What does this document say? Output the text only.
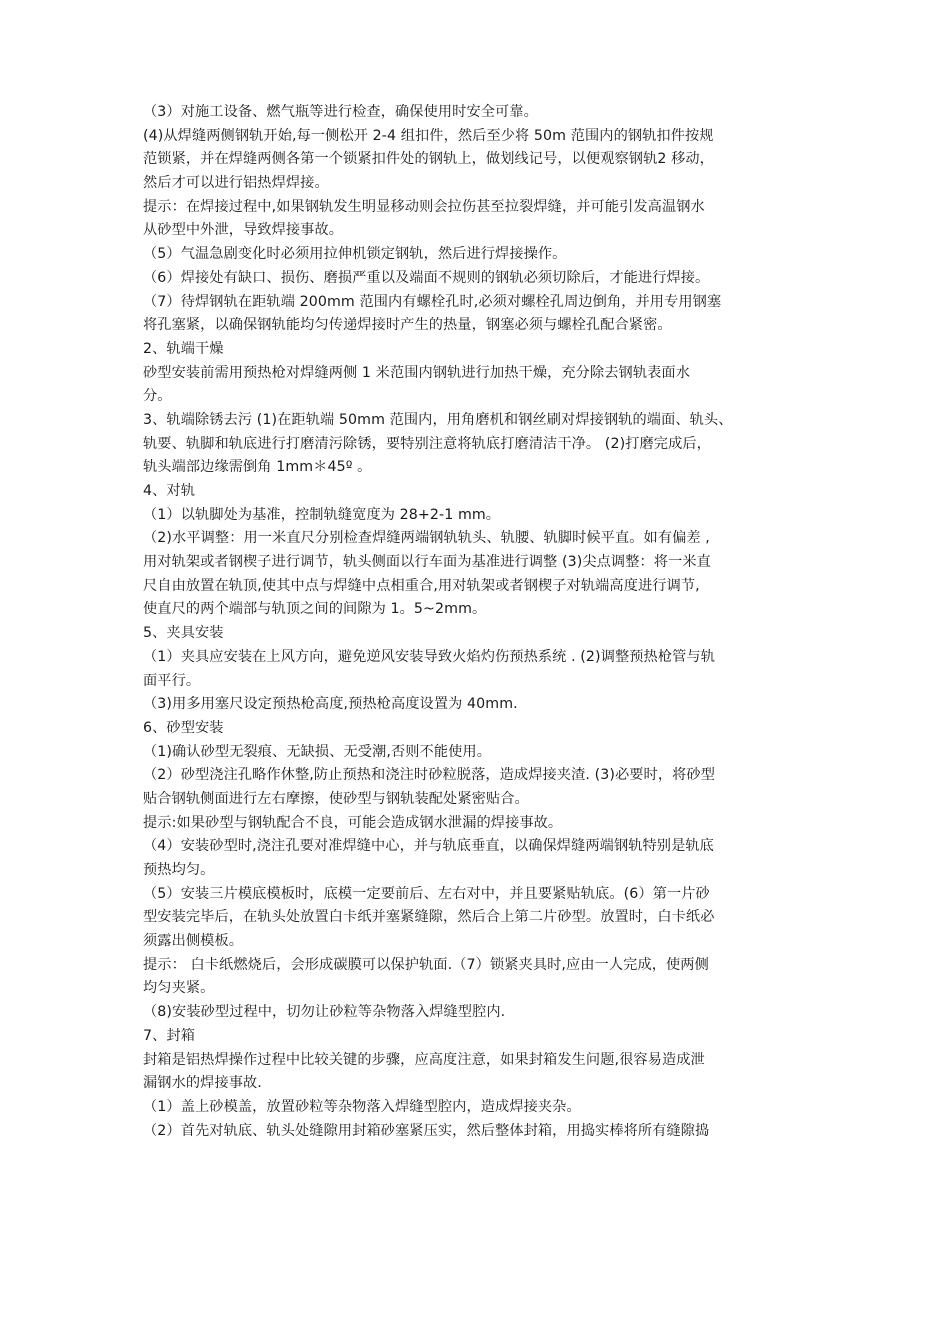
（3）对施工设备、燃气瓶等进行检查，确保使用时安全可靠。
(4)从焊缝两侧钢轨开始,每一侧松开 2-4 组扣件，然后至少将 50m 范围内的钢轨扣件按规
范锁紧，并在焊缝两侧各第一个锁紧扣件处的钢轨上，做划线记号，以便观察钢轨2 移动，
然后才可以进行铝热焊焊接。
提示：在焊接过程中,如果钢轨发生明显移动则会拉伤甚至拉裂焊缝，并可能引发高温钢水
从砂型中外泄，导致焊接事故。
（5）气温急剧变化时必须用拉伸机锁定钢轨，然后进行焊接操作。
（6）焊接处有缺口、损伤、磨损严重以及端面不规则的钢轨必须切除后，才能进行焊接。
（7）待焊钢轨在距轨端 200mm 范围内有螺栓孔时,必须对螺栓孔周边倒角，并用专用钢塞
将孔塞紧，以确保钢轨能均匀传递焊接时产生的热量，钢塞必须与螺栓孔配合紧密。
2、轨端干燥
砂型安装前需用预热枪对焊缝两侧 1 米范围内钢轨进行加热干燥，充分除去钢轨表面水
分。
3、轨端除锈去污 (1)在距轨端 50mm 范围内，用角磨机和钢丝刷对焊接钢轨的端面、轨头、
轨要、轨脚和轨底进行打磨清污除锈，要特别注意将轨底打磨清洁干净。 (2)打磨完成后，
轨头端部边缘需倒角 1mm＊45º 。
4、对轨
（1）以轨脚处为基准，控制轨缝宽度为 28+2-1 mm。
（2)水平调整：用一米直尺分别检查焊缝两端钢轨轨头、轨腰、轨脚时候平直。如有偏差 ,
用对轨架或者钢楔子进行调节，轨头侧面以行车面为基准进行调整 (3)尖点调整：将一米直
尺自由放置在轨顶,使其中点与焊缝中点相重合,用对轨架或者钢楔子对轨端高度进行调节,
使直尺的两个端部与轨顶之间的间隙为 1。5~2mm。
5、夹具安装
（1）夹具应安装在上风方向，避免逆风安装导致火焰灼伤预热系统 . (2)调整预热枪管与轨
面平行。
（3)用多用塞尺设定预热枪高度,预热枪高度设置为 40mm.
6、砂型安装
（1)确认砂型无裂痕、无缺损、无受潮,否则不能使用。
（2）砂型浇注孔略作休整,防止预热和浇注时砂粒脱落，造成焊接夹渣. (3)必要时，将砂型
贴合钢轨侧面进行左右摩擦，使砂型与钢轨装配处紧密贴合。
提示:如果砂型与钢轨配合不良，可能会造成钢水泄漏的焊接事故。
（4）安装砂型时,浇注孔要对准焊缝中心，并与轨底垂直，以确保焊缝两端钢轨特别是轨底
预热均匀。
（5）安装三片模底模板时，底模一定要前后、左右对中，并且要紧贴轨底。(6）第一片砂
型安装完毕后，在轨头处放置白卡纸并塞紧缝隙，然后合上第二片砂型。放置时，白卡纸必
须露出侧模板。
提示： 白卡纸燃烧后，会形成碳膜可以保护轨面.（7）锁紧夹具时,应由一人完成，使两侧
均匀夹紧。
（8)安装砂型过程中，切勿让砂粒等杂物落入焊缝型腔内.
7、封箱
封箱是铝热焊操作过程中比较关键的步骤，应高度注意，如果封箱发生问题,很容易造成泄
漏钢水的焊接事故.
（1）盖上砂模盖，放置砂粒等杂物落入焊缝型腔内，造成焊接夹杂。
（2）首先对轨底、轨头处缝隙用封箱砂塞紧压实，然后整体封箱，用捣实棒将所有缝隙捣
